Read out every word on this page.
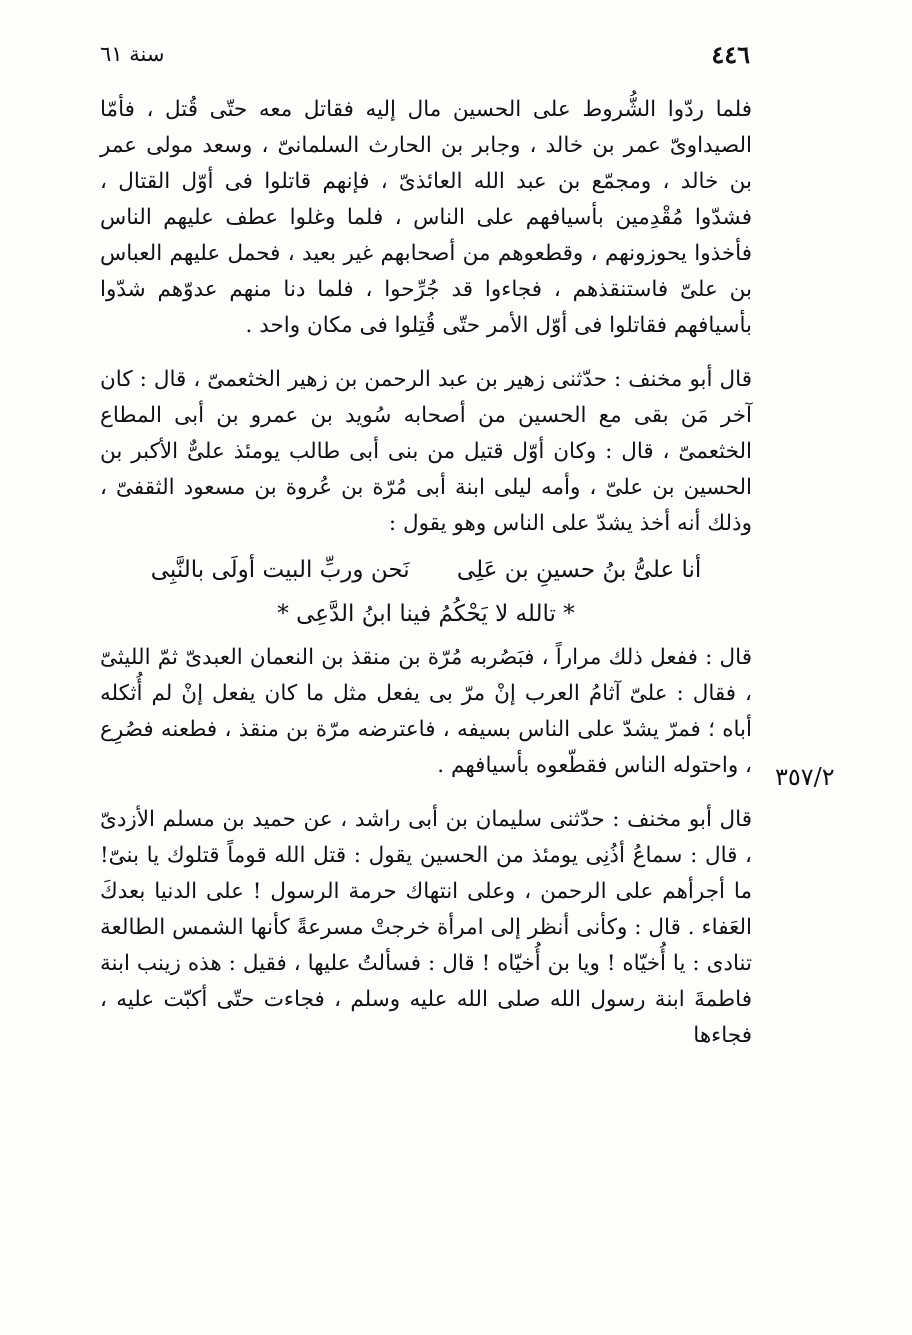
٤٤٦
سنة ٦١
٣٥٧/٢

فلما ردّوا الشُّروط على الحسين مال إليه فقاتل معه حتّى قُتل ، فأمّا الصيداوىّ عمر بن خالد ، وجابر بن الحارث السلمانىّ ، وسعد مولى عمر بن خالد ، ومجمّع بن عبد الله العائذىّ ، فإنهم قاتلوا فى أوّل القتال ، فشدّوا مُقْدِمين بأسيافهم على الناس ، فلما وغلوا عطف عليهم الناس فأخذوا يحوزونهم ، وقطعوهم من أصحابهم غير بعيد ، فحمل عليهم العباس بن علىّ فاستنقذهم ، فجاءوا قد جُرِّحوا ، فلما دنا منهم عدوّهم شدّوا بأسيافهم فقاتلوا فى أوّل الأمر حتّى قُتِلوا فى مكان واحد .

قال أبو مخنف : حدّثنى زهير بن عبد الرحمن بن زهير الخثعمىّ ، قال : كان آخر مَن بقى مع الحسين من أصحابه سُويد بن عمرو بن أبى المطاع الخثعمىّ ، قال : وكان أوّل قتيل من بنى أبى طالب يومئذ علىٌّ الأكبر بن الحسين بن علىّ ، وأمه ليلى ابنة أبى مُرّة بن عُروة بن مسعود الثقفىّ ، وذلك أنه أخذ يشدّ على الناس وهو يقول :

أنا علىُّ بنُ حسينِ بن عَلِى نَحن وربِّ البيت أولَى بالنَّبِى
* تالله لا يَحْكُمُ فينا ابنُ الدَّعِى *

قال : ففعل ذلك مراراً ، فبَصُربه مُرّة بن منقذ بن النعمان العبدىّ ثمّ الليثىّ ، فقال : علىّ آثامُ العرب إنْ مرّ بى يفعل مثل ما كان يفعل إنْ لم أُثكله أباه ؛ فمرّ يشدّ على الناس بسيفه ، فاعترضه مرّة بن منقذ ، فطعنه فصُرِع ، واحتوله الناس فقطّعوه بأسيافهم .

قال أبو مخنف : حدّثنى سليمان بن أبى راشد ، عن حميد بن مسلم الأزدىّ ، قال : سماعُ أذُنِى يومئذ من الحسين يقول : قتل الله قوماً قتلوك يا بنىّ! ما أجرأهم على الرحمن ، وعلى انتهاك حرمة الرسول ! على الدنيا بعدكَ العَفاء . قال : وكأنى أنظر إلى امرأة خرجتْ مسرعةً كأنها الشمس الطالعة تنادى : يا أُخيّاه ! ويا بن أُخيّاه ! قال : فسألتُ عليها ، فقيل : هذه زينب ابنة فاطمةَ ابنة رسول الله صلى الله عليه وسلم ، فجاءت حتّى أكبّت عليه ، فجاءها
